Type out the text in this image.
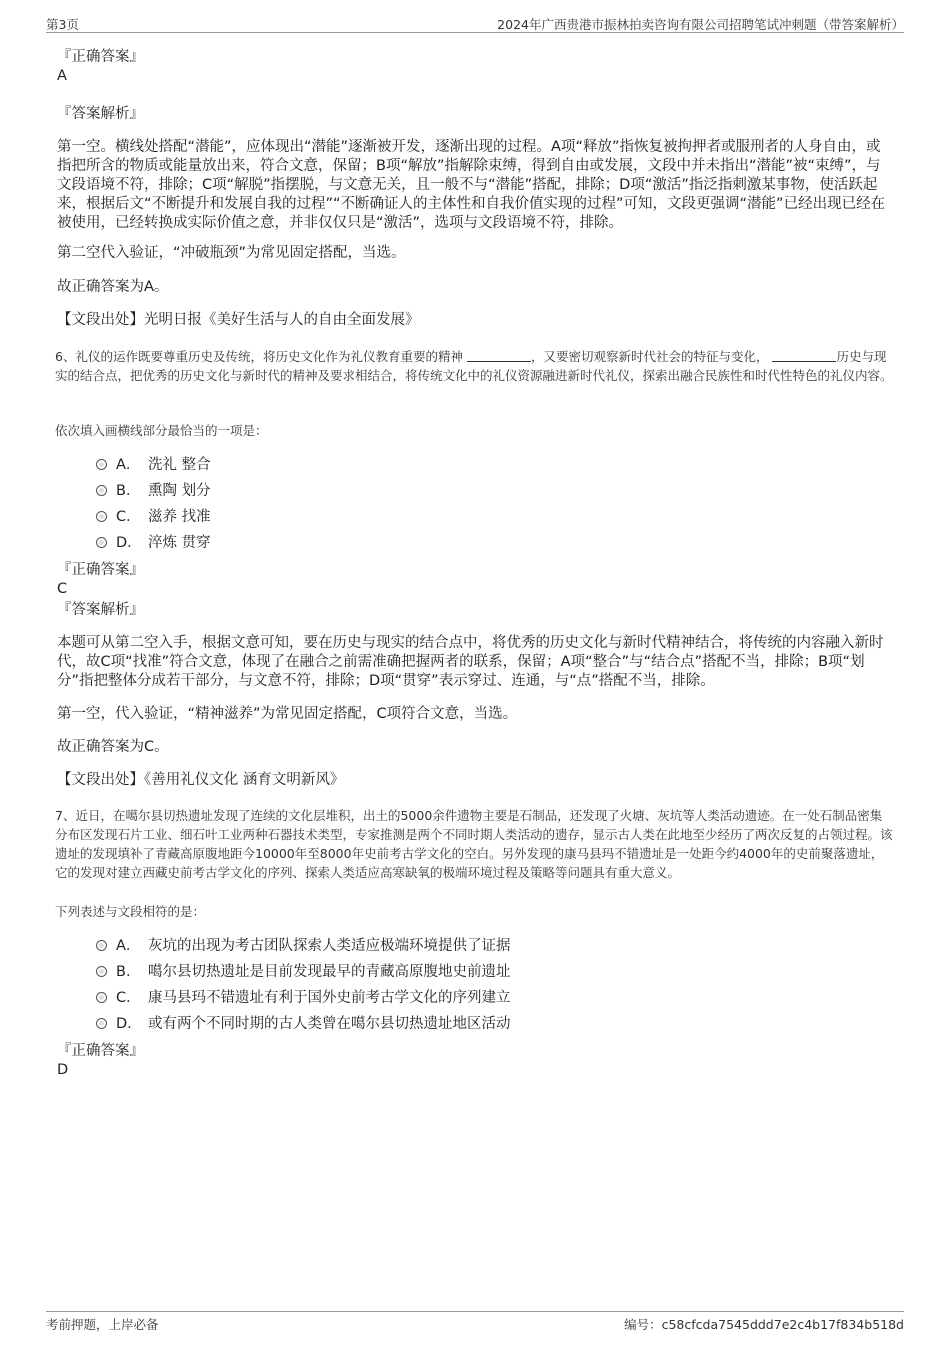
第3页	2024年广西贵港市振林拍卖咨询有限公司招聘笔试冲刺题（带答案解析）
『正确答案』
A
『答案解析』

第一空。横线处搭配“潜能”，应体现出“潜能”逐渐被开发，逐渐出现的过程。A项“释放”指恢复被拘押者或服刑者的人身自由，或指把所含的物质或能量放出来，符合文意，保留；B项“解放”指解除束缚，得到自由或发展，文段中并未指出“潜能”被“束缚”，与文段语境不符，排除；C项“解脱”指摆脱，与文意无关，且一般不与“潜能”搭配，排除；D项“激活”指泛指刺激某事物，使活跃起来，根据后文“不断提升和发展自我的过程”“不断确证人的主体性和自我价值实现的过程”可知，文段更强调“潜能”已经出现已经在被使用，已经转换成实际价值之意，并非仅仅只是“激活”，选项与文段语境不符，排除。

第二空代入验证，“冲破瓶颈”为常见固定搭配，当选。

故正确答案为A。

【文段出处】光明日报《美好生活与人的自由全面发展》

6、礼仪的运作既要尊重历史及传统，将历史文化作为礼仪教育重要的精神	，又要密切观察新时代社会的特征与变化，	历史与现实的结合点，把优秀的历史文化与新时代的精神及要求相结合，将传统文化中的礼仪资源融进新时代礼仪，探索出融合民族性和时代性特色的礼仪内容。

依次填入画横线部分最恰当的一项是：

A． 洗礼 整合
B． 熏陶 划分
C． 滋养 找准
D． 淬炼 贯穿
『正确答案』
C
『答案解析』

本题可从第二空入手，根据文意可知，要在历史与现实的结合点中，将优秀的历史文化与新时代精神结合，将传统的内容融入新时代，故C项“找准”符合文意，体现了在融合之前需准确把握两者的联系，保留；A项“整合”与“结合点”搭配不当，排除；B项“划分”指把整体分成若干部分，与文意不符，排除；D项“贯穿”表示穿过、连通，与“点”搭配不当，排除。

第一空，代入验证，“精神滋养”为常见固定搭配，C项符合文意，当选。

故正确答案为C。

【文段出处】《善用礼仪文化 涵育文明新风》

7、近日，在噶尔县切热遗址发现了连续的文化层堆积，出土的5000余件遗物主要是石制品，还发现了火塘、灰坑等人类活动遗迹。在一处石制品密集分布区发现石片工业、细石叶工业两种石器技术类型，专家推测是两个不同时期人类活动的遗存，显示古人类在此地至少经历了两次反复的占领过程。该遗址的发现填补了青藏高原腹地距今10000年至8000年史前考古学文化的空白。另外发现的康马县玛不错遗址是一处距今约4000年的史前聚落遗址，它的发现对建立西藏史前考古学文化的序列、探索人类适应高寒缺氧的极端环境过程及策略等问题具有重大意义。

下列表述与文段相符的是：

A． 灰坑的出现为考古团队探索人类适应极端环境提供了证据
B． 噶尔县切热遗址是目前发现最早的青藏高原腹地史前遗址
C． 康马县玛不错遗址有利于国外史前考古学文化的序列建立
D． 或有两个不同时期的古人类曾在噶尔县切热遗址地区活动
『正确答案』
D
考前押题，上岸必备	编号：c58cfcda7545ddd7e2c4b17f834b518d
